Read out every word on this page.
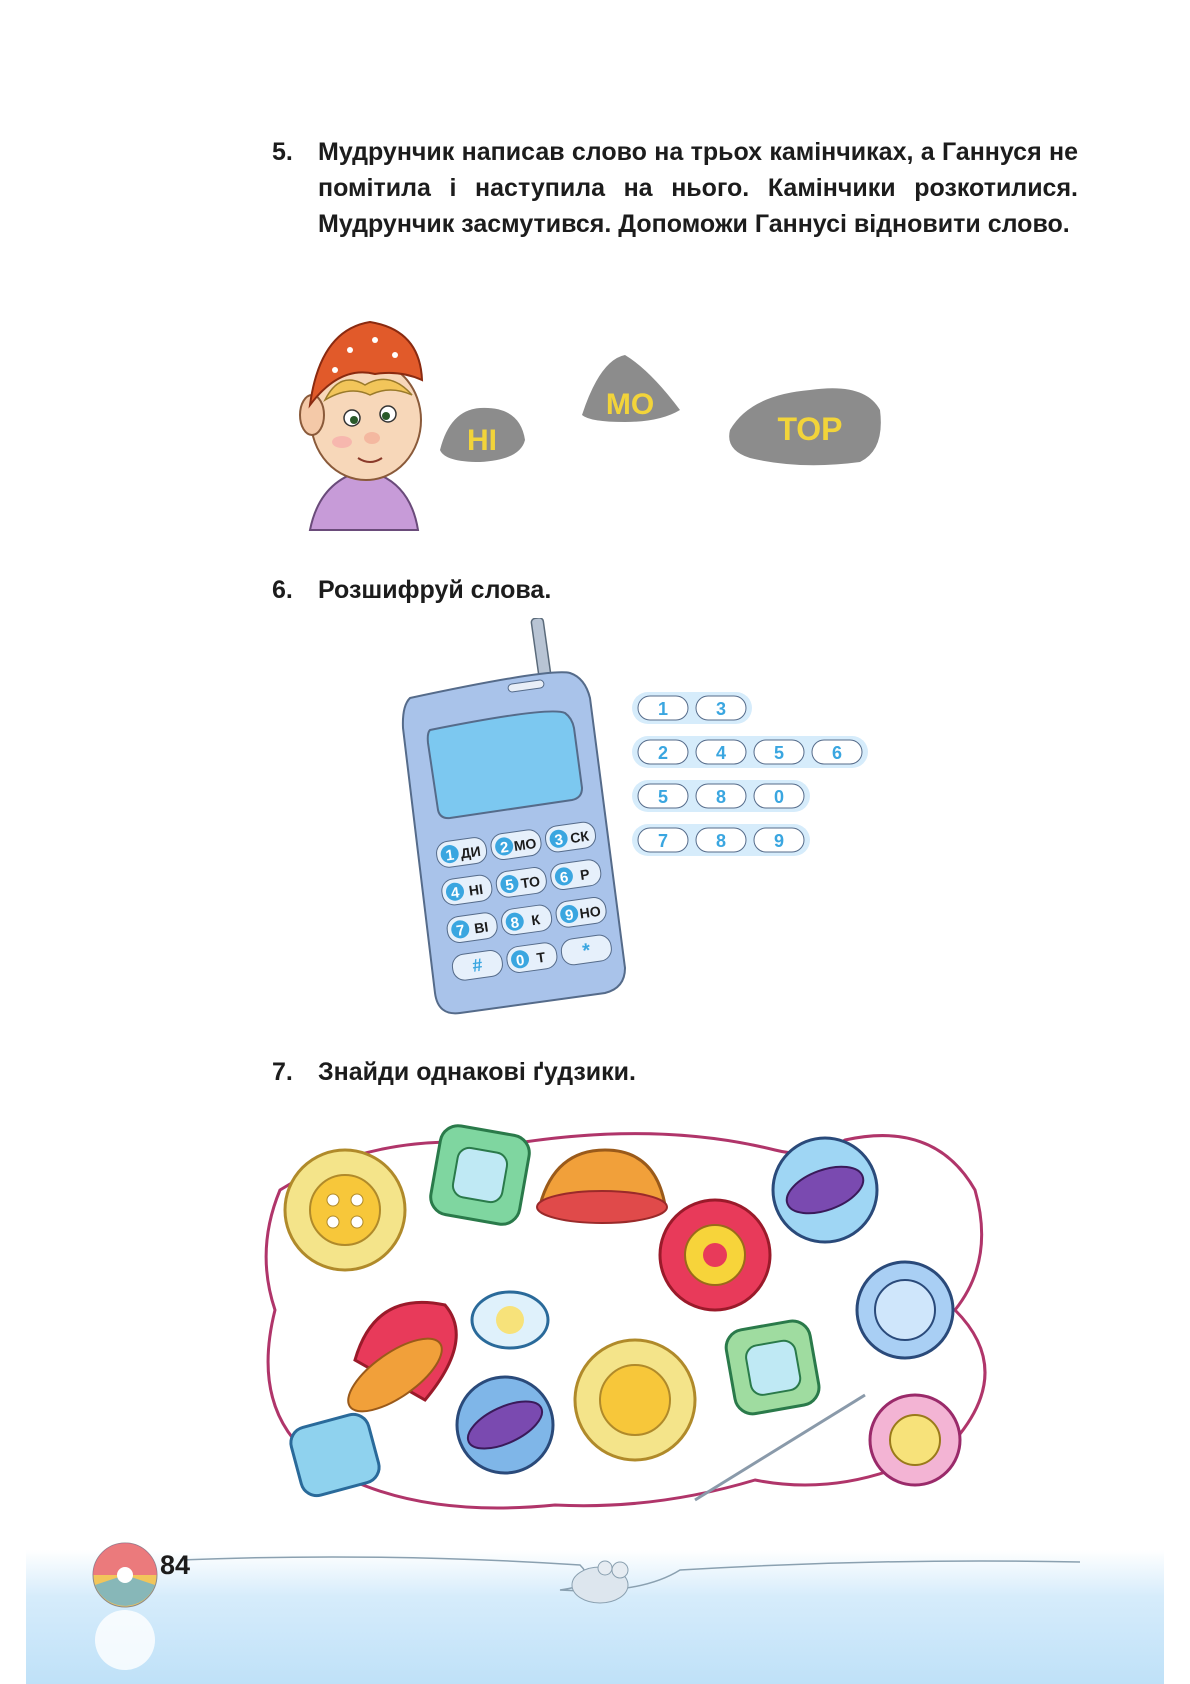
5. Мудрунчик написав слово на трьох камінчиках, а Ганнуся не помітила і наступила на нього. Камінчики розкотилися. Мудрунчик засмутився. Допоможи Ганнусі відновити слово.
НІ
МО
ТОР
6. Розшифруй слова.
1 ДИ 2 МО 3 СК
4 НІ 5 ТО 6 Р
7 ВІ 8 К 9 НО
# 0 Т *
1	3
2	4	5	6
5	8	0
7	8	9
7. Знайди однакові ґудзики.
84
